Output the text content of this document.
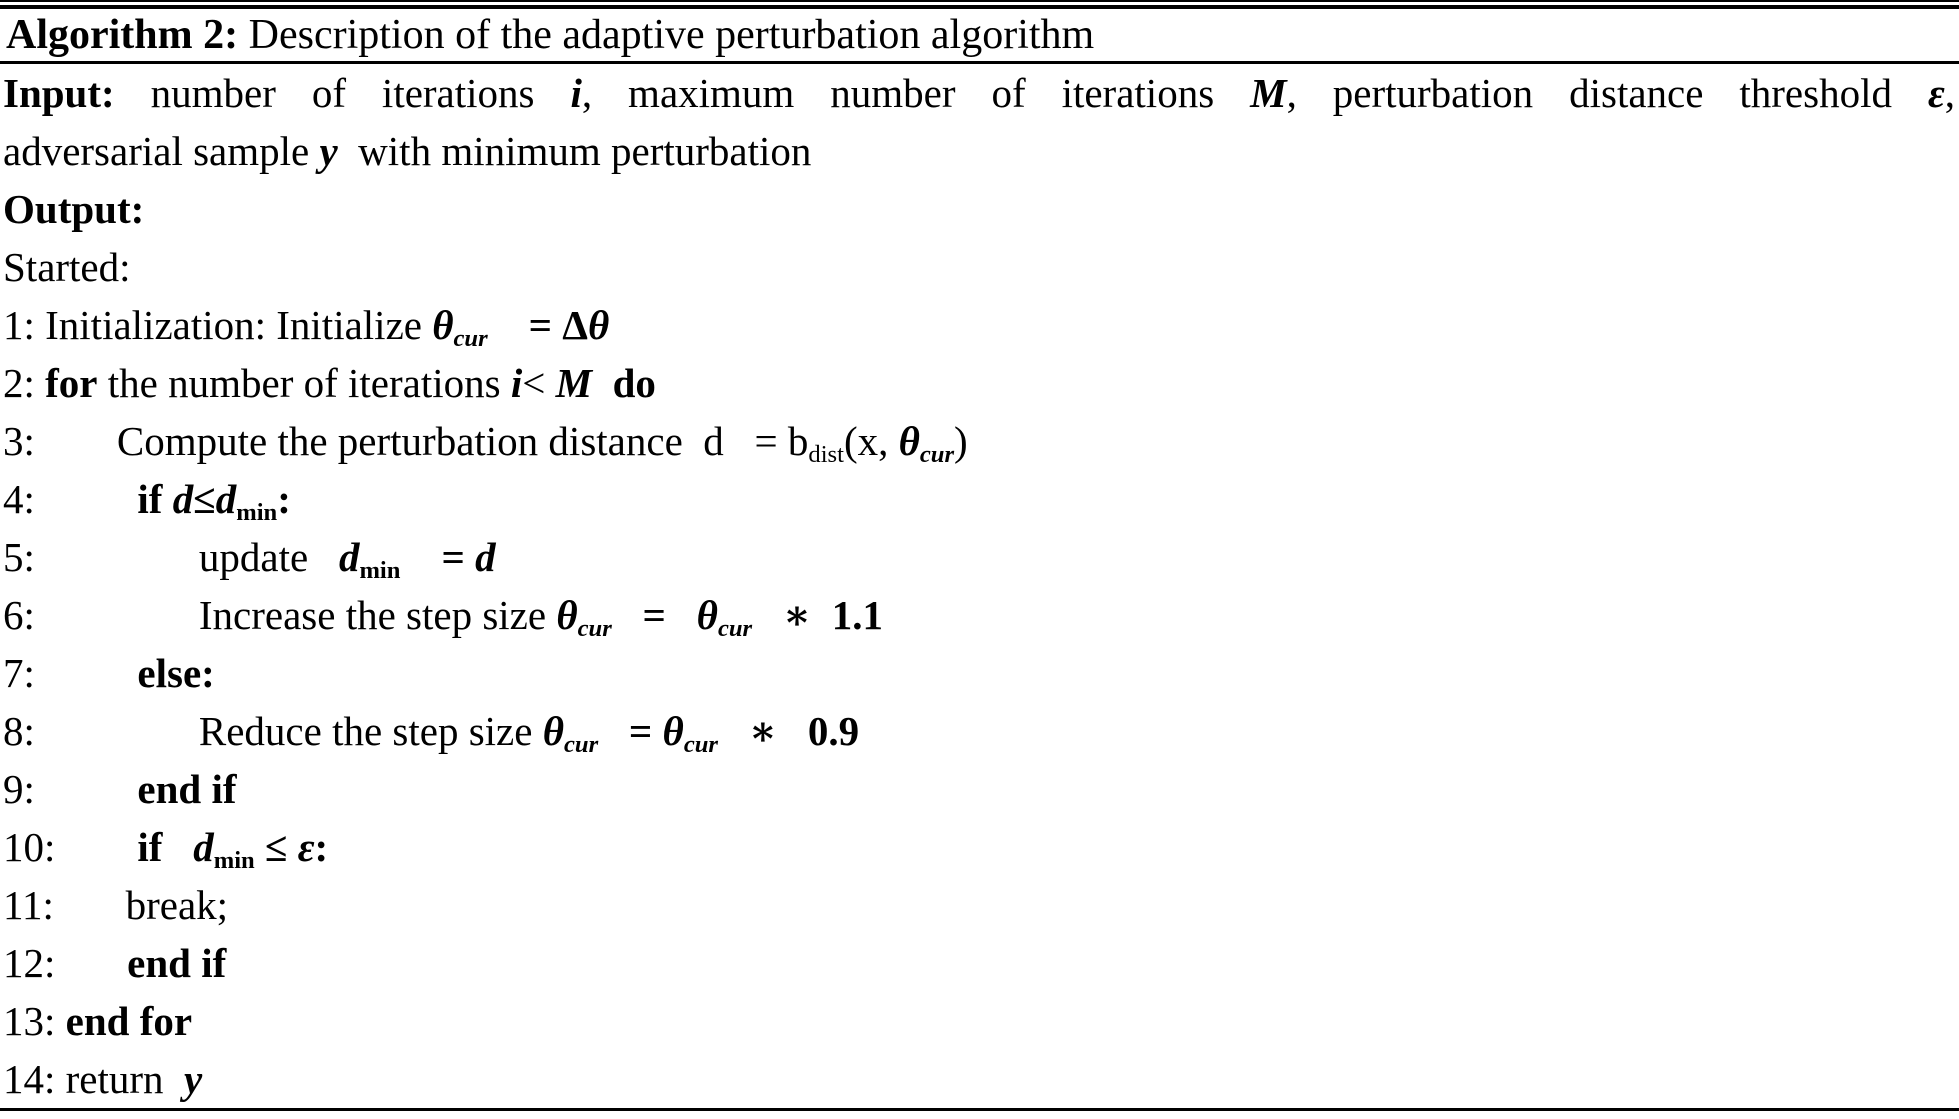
Algorithm 2: Description of the adaptive perturbation algorithm
Input: number of iterations i, maximum number of iterations M, perturbation distance threshold ε,
adversarial sample y  with minimum perturbation
Output:
Started:
1: Initialization: Initialize θcur = Δθ
2: for the number of iterations i< M do
3:        Compute the perturbation distance  d   = bdist(x, θcur)
4:          if d≤dmin:
5:                update   dmin = d
6:                Increase the step size θcur = θcur ∗ 1.1
7:          else:
8:                Reduce the step size θcur = θcur ∗ 0.9
9:          end if
10:        if dmin ≤ ε:
11:       break;
12:       end if
13: end for
14: return  y
